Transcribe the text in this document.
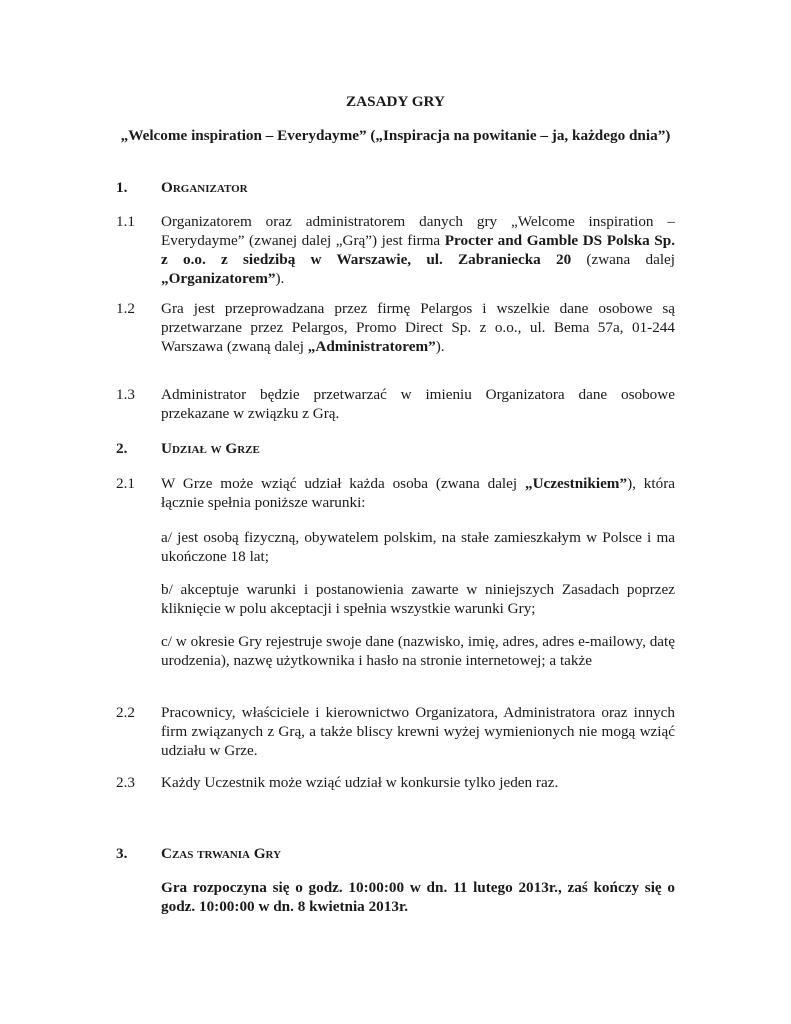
ZASADY GRY
„Welcome inspiration – Everydayme” („Inspiracja na powitanie – ja, każdego dnia”)
1. Organizator
1.1 Organizatorem oraz administratorem danych gry „Welcome inspiration – Everydayme” (zwanej dalej „Grą”) jest firma Procter and Gamble DS Polska Sp. z o.o. z siedzibą w Warszawie, ul. Zabraniecka 20 (zwana dalej „Organizatorem”).
1.2 Gra jest przeprowadzana przez firmę Pelargos i wszelkie dane osobowe są przetwarzane przez Pelargos, Promo Direct Sp. z o.o., ul. Bema 57a, 01-244 Warszawa (zwaną dalej „Administratorem”).
1.3 Administrator będzie przetwarzać w imieniu Organizatora dane osobowe przekazane w związku z Grą.
2. Udział w Grze
2.1 W Grze może wziąć udział każda osoba (zwana dalej „Uczestnikiem”), która łącznie spełnia poniższe warunki:
a/ jest osobą fizyczną, obywatelem polskim, na stałe zamieszkałym w Polsce i ma ukończone 18 lat;
b/ akceptuje warunki i postanowienia zawarte w niniejszych Zasadach poprzez kliknięcie w polu akceptacji i spełnia wszystkie warunki Gry;
c/ w okresie Gry rejestruje swoje dane (nazwisko, imię, adres, adres e-mailowy, datę urodzenia), nazwę użytkownika i hasło na stronie internetowej; a także
2.2 Pracownicy, właściciele i kierownictwo Organizatora, Administratora oraz innych firm związanych z Grą, a także bliscy krewni wyżej wymienionych nie mogą wziąć udziału w Grze.
2.3 Każdy Uczestnik może wziąć udział w konkursie tylko jeden raz.
3. Czas trwania Gry
Gra rozpoczyna się o godz. 10:00:00 w dn. 11 lutego 2013r., zaś kończy się o godz. 10:00:00 w dn. 8 kwietnia 2013r.
